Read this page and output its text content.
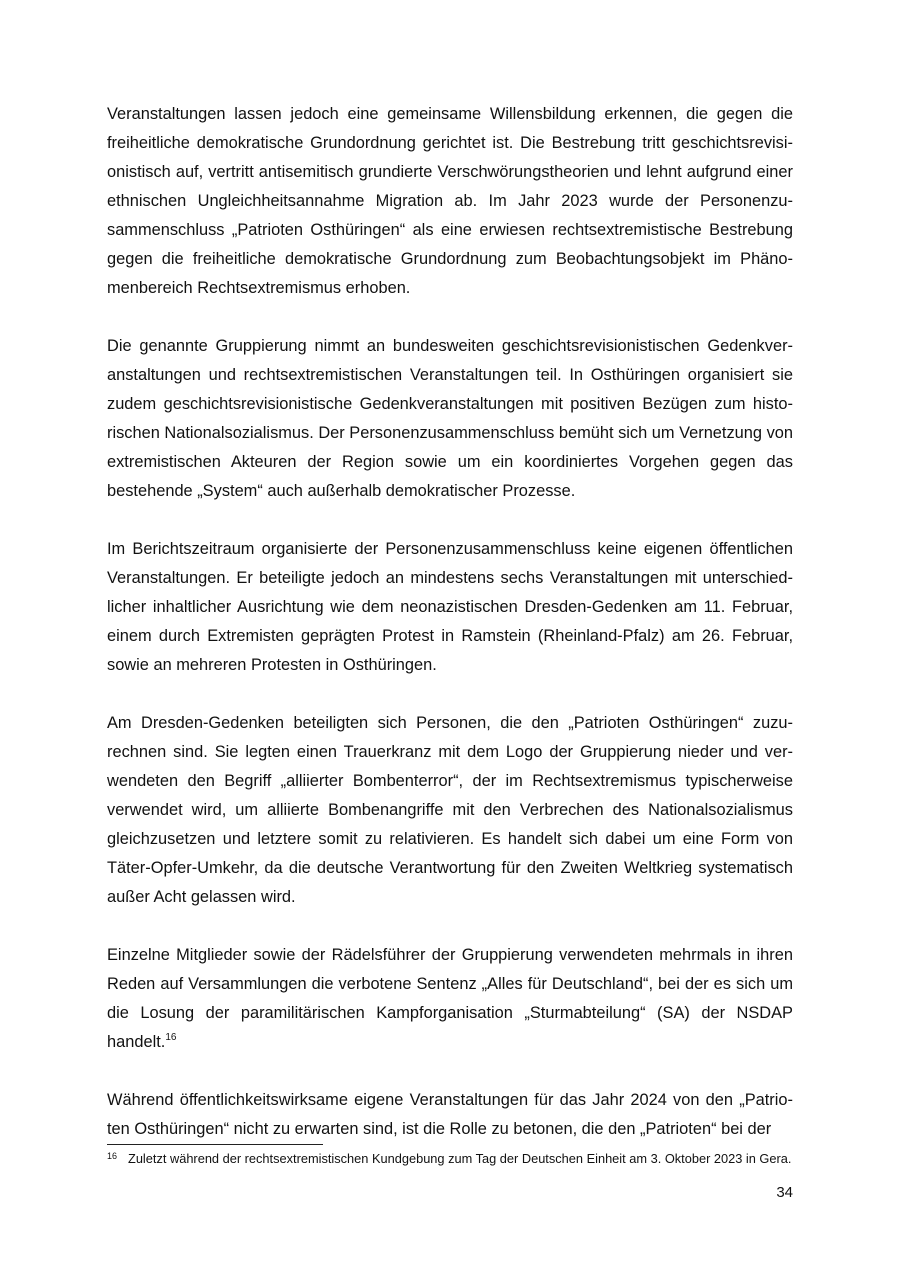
Veranstaltungen lassen jedoch eine gemeinsame Willensbildung erkennen, die gegen die freiheitliche demokratische Grundordnung gerichtet ist. Die Bestrebung tritt geschichtsrevisionistisch auf, vertritt antisemitisch grundierte Verschwörungstheorien und lehnt aufgrund einer ethnischen Ungleichheitsannahme Migration ab. Im Jahr 2023 wurde der Personenzusammenschluss „Patrioten Osthüringen“ als eine erwiesen rechtsextremistische Bestrebung gegen die freiheitliche demokratische Grundordnung zum Beobachtungsobjekt im Phänomenbereich Rechtsextremismus erhoben.

Die genannte Gruppierung nimmt an bundesweiten geschichtsrevisionistischen Gedenkveranstaltungen und rechtsextremistischen Veranstaltungen teil. In Osthüringen organisiert sie zudem geschichtsrevisionistische Gedenkveranstaltungen mit positiven Bezügen zum historischen Nationalsozialismus. Der Personenzusammenschluss bemüht sich um Vernetzung von extremistischen Akteuren der Region sowie um ein koordiniertes Vorgehen gegen das bestehende „System“ auch außerhalb demokratischer Prozesse.

Im Berichtszeitraum organisierte der Personenzusammenschluss keine eigenen öffentlichen Veranstaltungen. Er beteiligte jedoch an mindestens sechs Veranstaltungen mit unterschiedlicher inhaltlicher Ausrichtung wie dem neonazistischen Dresden-Gedenken am 11. Februar, einem durch Extremisten geprägten Protest in Ramstein (Rheinland-Pfalz) am 26. Februar, sowie an mehreren Protesten in Osthüringen.

Am Dresden-Gedenken beteiligten sich Personen, die den „Patrioten Osthüringen“ zuzurechnen sind. Sie legten einen Trauerkranz mit dem Logo der Gruppierung nieder und verwendeten den Begriff „alliierter Bombenterror“, der im Rechtsextremismus typischerweise verwendet wird, um alliierte Bombenangriffe mit den Verbrechen des Nationalsozialismus gleichzusetzen und letztere somit zu relativieren. Es handelt sich dabei um eine Form von Täter-Opfer-Umkehr, da die deutsche Verantwortung für den Zweiten Weltkrieg systematisch außer Acht gelassen wird.

Einzelne Mitglieder sowie der Rädelsführer der Gruppierung verwendeten mehrmals in ihren Reden auf Versammlungen die verbotene Sentenz „Alles für Deutschland“, bei der es sich um die Losung der paramilitärischen Kampforganisation „Sturmabteilung“ (SA) der NSDAP handelt.$^{16}$

Während öffentlichkeitswirksame eigene Veranstaltungen für das Jahr 2024 von den „Patrioten Osthüringen“ nicht zu erwarten sind, ist die Rolle zu betonen, die den „Patrioten“ bei der

16 Zuletzt während der rechtsextremistischen Kundgebung zum Tag der Deutschen Einheit am 3. Oktober 2023 in Gera.
34
